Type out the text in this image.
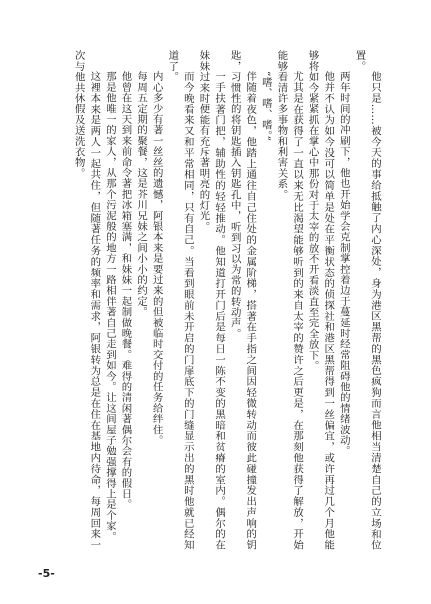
他只是……被今天的事给抵触了内心深处，身为港区黑帮的黑色疯狗而言他相当清楚自己的立场和位置。

两年时间的冲刷下，他也开始学会克制掌控着边于蔓延时经常阻碍他的情绪波动。

他并不认为如今没可以简单是处在平衡状态的侦探社和港区黑帮得到一丝偏宜，或许再过几个月他能够将如今紧紧抓在掌心中那份对于太宰的放不开看淡直至完全放下。

尤其是在获得了一直以来无比渴望能够听到的来自太宰的赞许之后更是，在那刻他获得了解放，开始能够看清许多事物和利害关系。

“嗜、嗜、嗜。”

伴随着夜色，他踏上通往自己住处的金属阶梯，搭著在手指之间因轻微转动而彼此碰撞发出声响的钥匙，习惯性的将钥匙插入钥匙孔中，听到习以为常的转动声。

一手扶著门把，辅助性的轻轻推动。他知道打开门后是每日一陈不变的黑暗和贫瘠的室内。偶尔的在妹妹过来时便能有充斥著明亮的灯光。

而今晚看来又和平常相同，只有自己。当看到眼前未开启的门扉底下的门缝显示出的黑时他就已经知道了。

内心多少有著一丝丝的遗憾，阿银本来是要过来的但被临时交付的任务给绊住。

每周五定期的聚餐，这是芥川兄妹之间小小的约定。

他曾在这天到来前命令著把冰箱塞满，和妹妹一起制做晚餐。难得的清闲著偶尔会有的假日。

那是他唯一的家人，从那个污泥般的地方一路相伴著自己走到如今。让这间屋子勉强撑得上是个家。

这裡本来是两人一起共住，但随著任务的频率和需求，阿银转为总是在住在基地内待命，每周回来一次与他共休假及送洗衣物。

-5-
